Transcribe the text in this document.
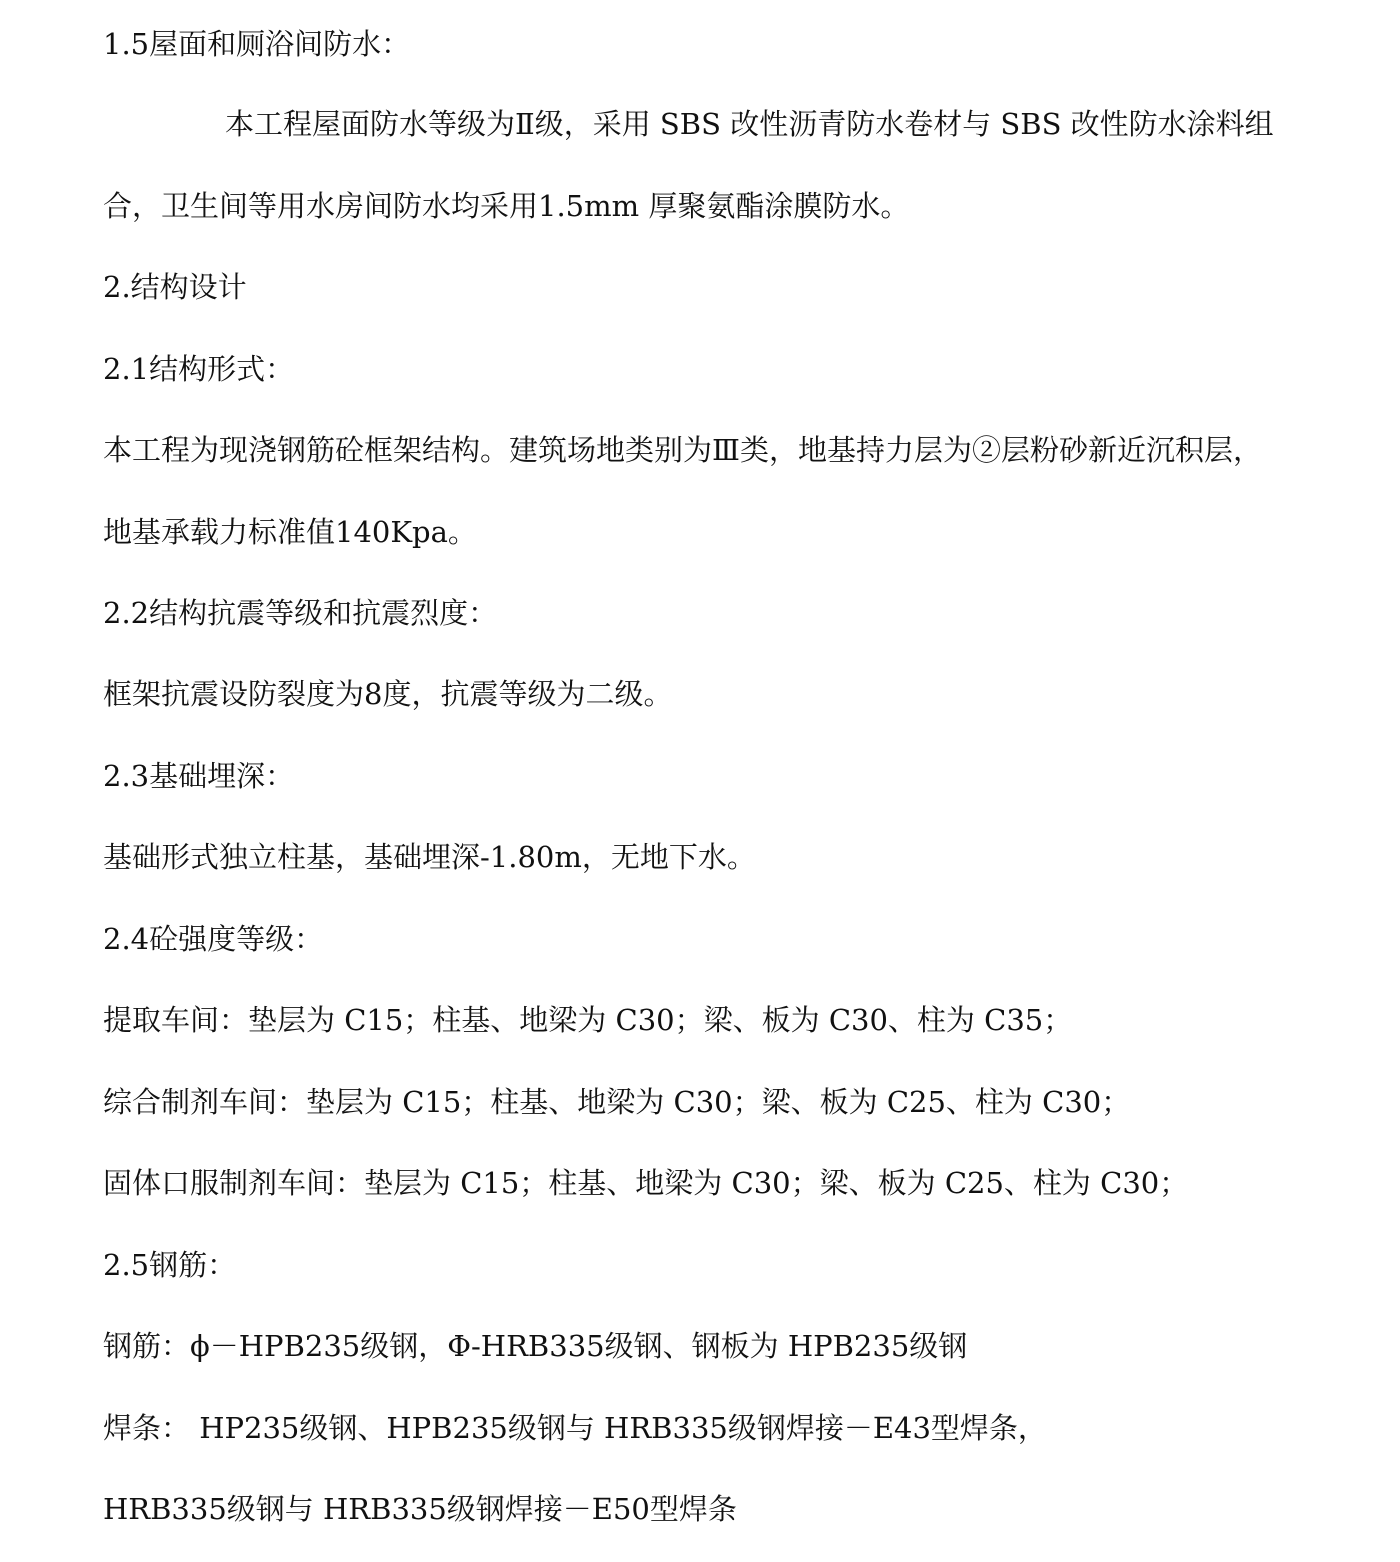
1.5屋面和厕浴间防水：
本工程屋面防水等级为Ⅱ级，采用 SBS 改性沥青防水卷材与 SBS 改性防水涂料组
合，卫生间等用水房间防水均采用1.5mm 厚聚氨酯涂膜防水。
2.结构设计
2.1结构形式：
本工程为现浇钢筋砼框架结构。建筑场地类别为Ⅲ类，地基持力层为②层粉砂新近沉积层，
地基承载力标准值140Kpa。
2.2结构抗震等级和抗震烈度：
框架抗震设防裂度为8度，抗震等级为二级。
2.3基础埋深：
基础形式独立柱基，基础埋深-1.80m，无地下水。
2.4砼强度等级：
提取车间：垫层为 C15；柱基、地梁为 C30；梁、板为 C30、柱为 C35；
综合制剂车间：垫层为 C15；柱基、地梁为 C30；梁、板为 C25、柱为 C30；
固体口服制剂车间：垫层为 C15；柱基、地梁为 C30；梁、板为 C25、柱为 C30；
2.5钢筋：
钢筋：ϕ－HPB235级钢，Φ-HRB335级钢、钢板为 HPB235级钢
焊条： HP235级钢、HPB235级钢与 HRB335级钢焊接－E43型焊条，
HRB335级钢与 HRB335级钢焊接－E50型焊条
